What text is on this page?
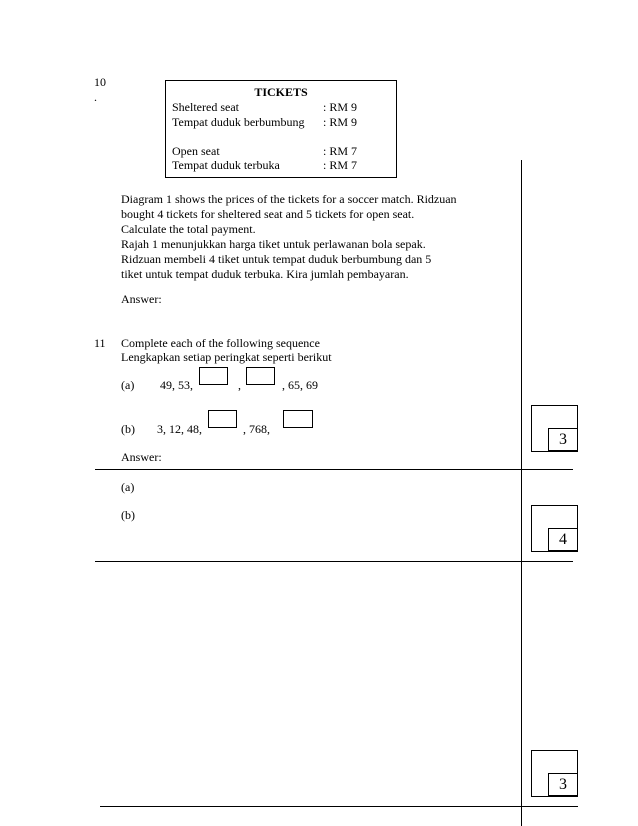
10
.	TICKETS
Sheltered seat	: RM 9
Tempat duduk berbumbung : RM 9
Open seat	: RM 7
Tempat duduk terbuka	: RM 7
Diagram 1 shows the prices of the tickets for a soccer match. Ridzuan
bought 4 tickets for sheltered seat and 5 tickets for open seat.
Calculate the total payment.
Rajah 1 menunjukkan harga tiket untuk perlawanan bola sepak.
Ridzuan membeli 4 tiket untuk tempat duduk berbumbung dan 5
tiket untuk tempat duduk terbuka. Kira jumlah pembayaran.
Answer:
11 Complete each of the following sequence
Lengkapkan setiap peringkat seperti berikut
(a) 49, 53,	,	, 65, 69
(b) 3, 12, 48,	, 768,
Answer:
(a)
(b)
3
4
3
